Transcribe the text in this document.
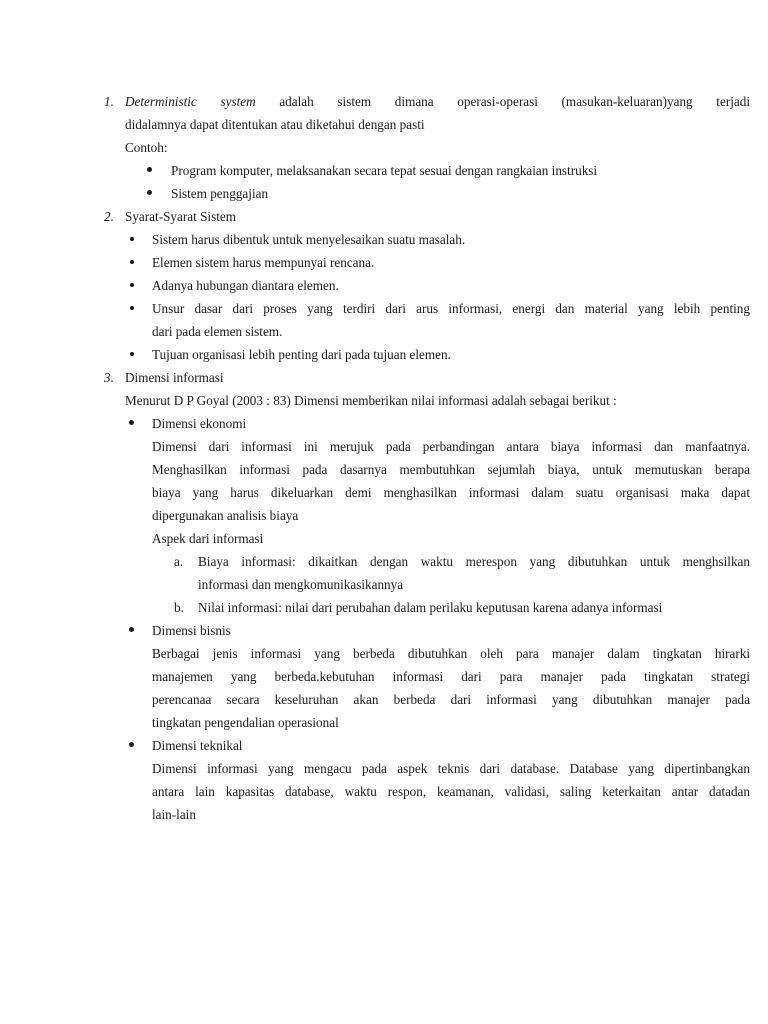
1. Deterministic system adalah sistem dimana operasi-operasi (masukan-keluaran)yang terjadi
didalamnya dapat ditentukan atau diketahui dengan pasti
Contoh:
Program komputer, melaksanakan secara tepat sesuai dengan rangkaian instruksi
Sistem penggajian
2. Syarat-Syarat Sistem
Sistem harus dibentuk untuk menyelesaikan suatu masalah.
Elemen sistem harus mempunyai rencana.
Adanya hubungan diantara elemen.
Unsur dasar dari proses yang terdiri dari arus informasi, energi dan material yang lebih penting
dari pada elemen sistem.
Tujuan organisasi lebih penting dari pada tujuan elemen.
3. Dimensi informasi
Menurut D P Goyal (2003 : 83) Dimensi memberikan nilai informasi adalah sebagai berikut :
Dimensi ekonomi
Dimensi dari informasi ini merujuk pada perbandingan antara biaya informasi dan manfaatnya.
Menghasilkan informasi pada dasarnya membutuhkan sejumlah biaya, untuk memutuskan berapa
biaya yang harus dikeluarkan demi menghasilkan informasi dalam suatu organisasi maka dapat
dipergunakan analisis biaya
Aspek dari informasi
a. Biaya informasi: dikaitkan dengan waktu merespon yang dibutuhkan untuk menghsilkan
informasi dan mengkomunikasikannya
b. Nilai informasi: nilai dari perubahan dalam perilaku keputusan karena adanya informasi
Dimensi bisnis
Berbagai jenis informasi yang berbeda dibutuhkan oleh para manajer dalam tingkatan hirarki
manajemen yang berbeda.kebutuhan informasi dari para manajer pada tingkatan strategi
perencanaa secara keseluruhan akan berbeda dari informasi yang dibutuhkan manajer pada
tingkatan pengendalian operasional
Dimensi teknikal
Dimensi informasi yang mengacu pada aspek teknis dari database. Database yang dipertinbangkan
antara lain kapasitas database, waktu respon, keamanan, validasi, saling keterkaitan antar datadan
lain-lain
